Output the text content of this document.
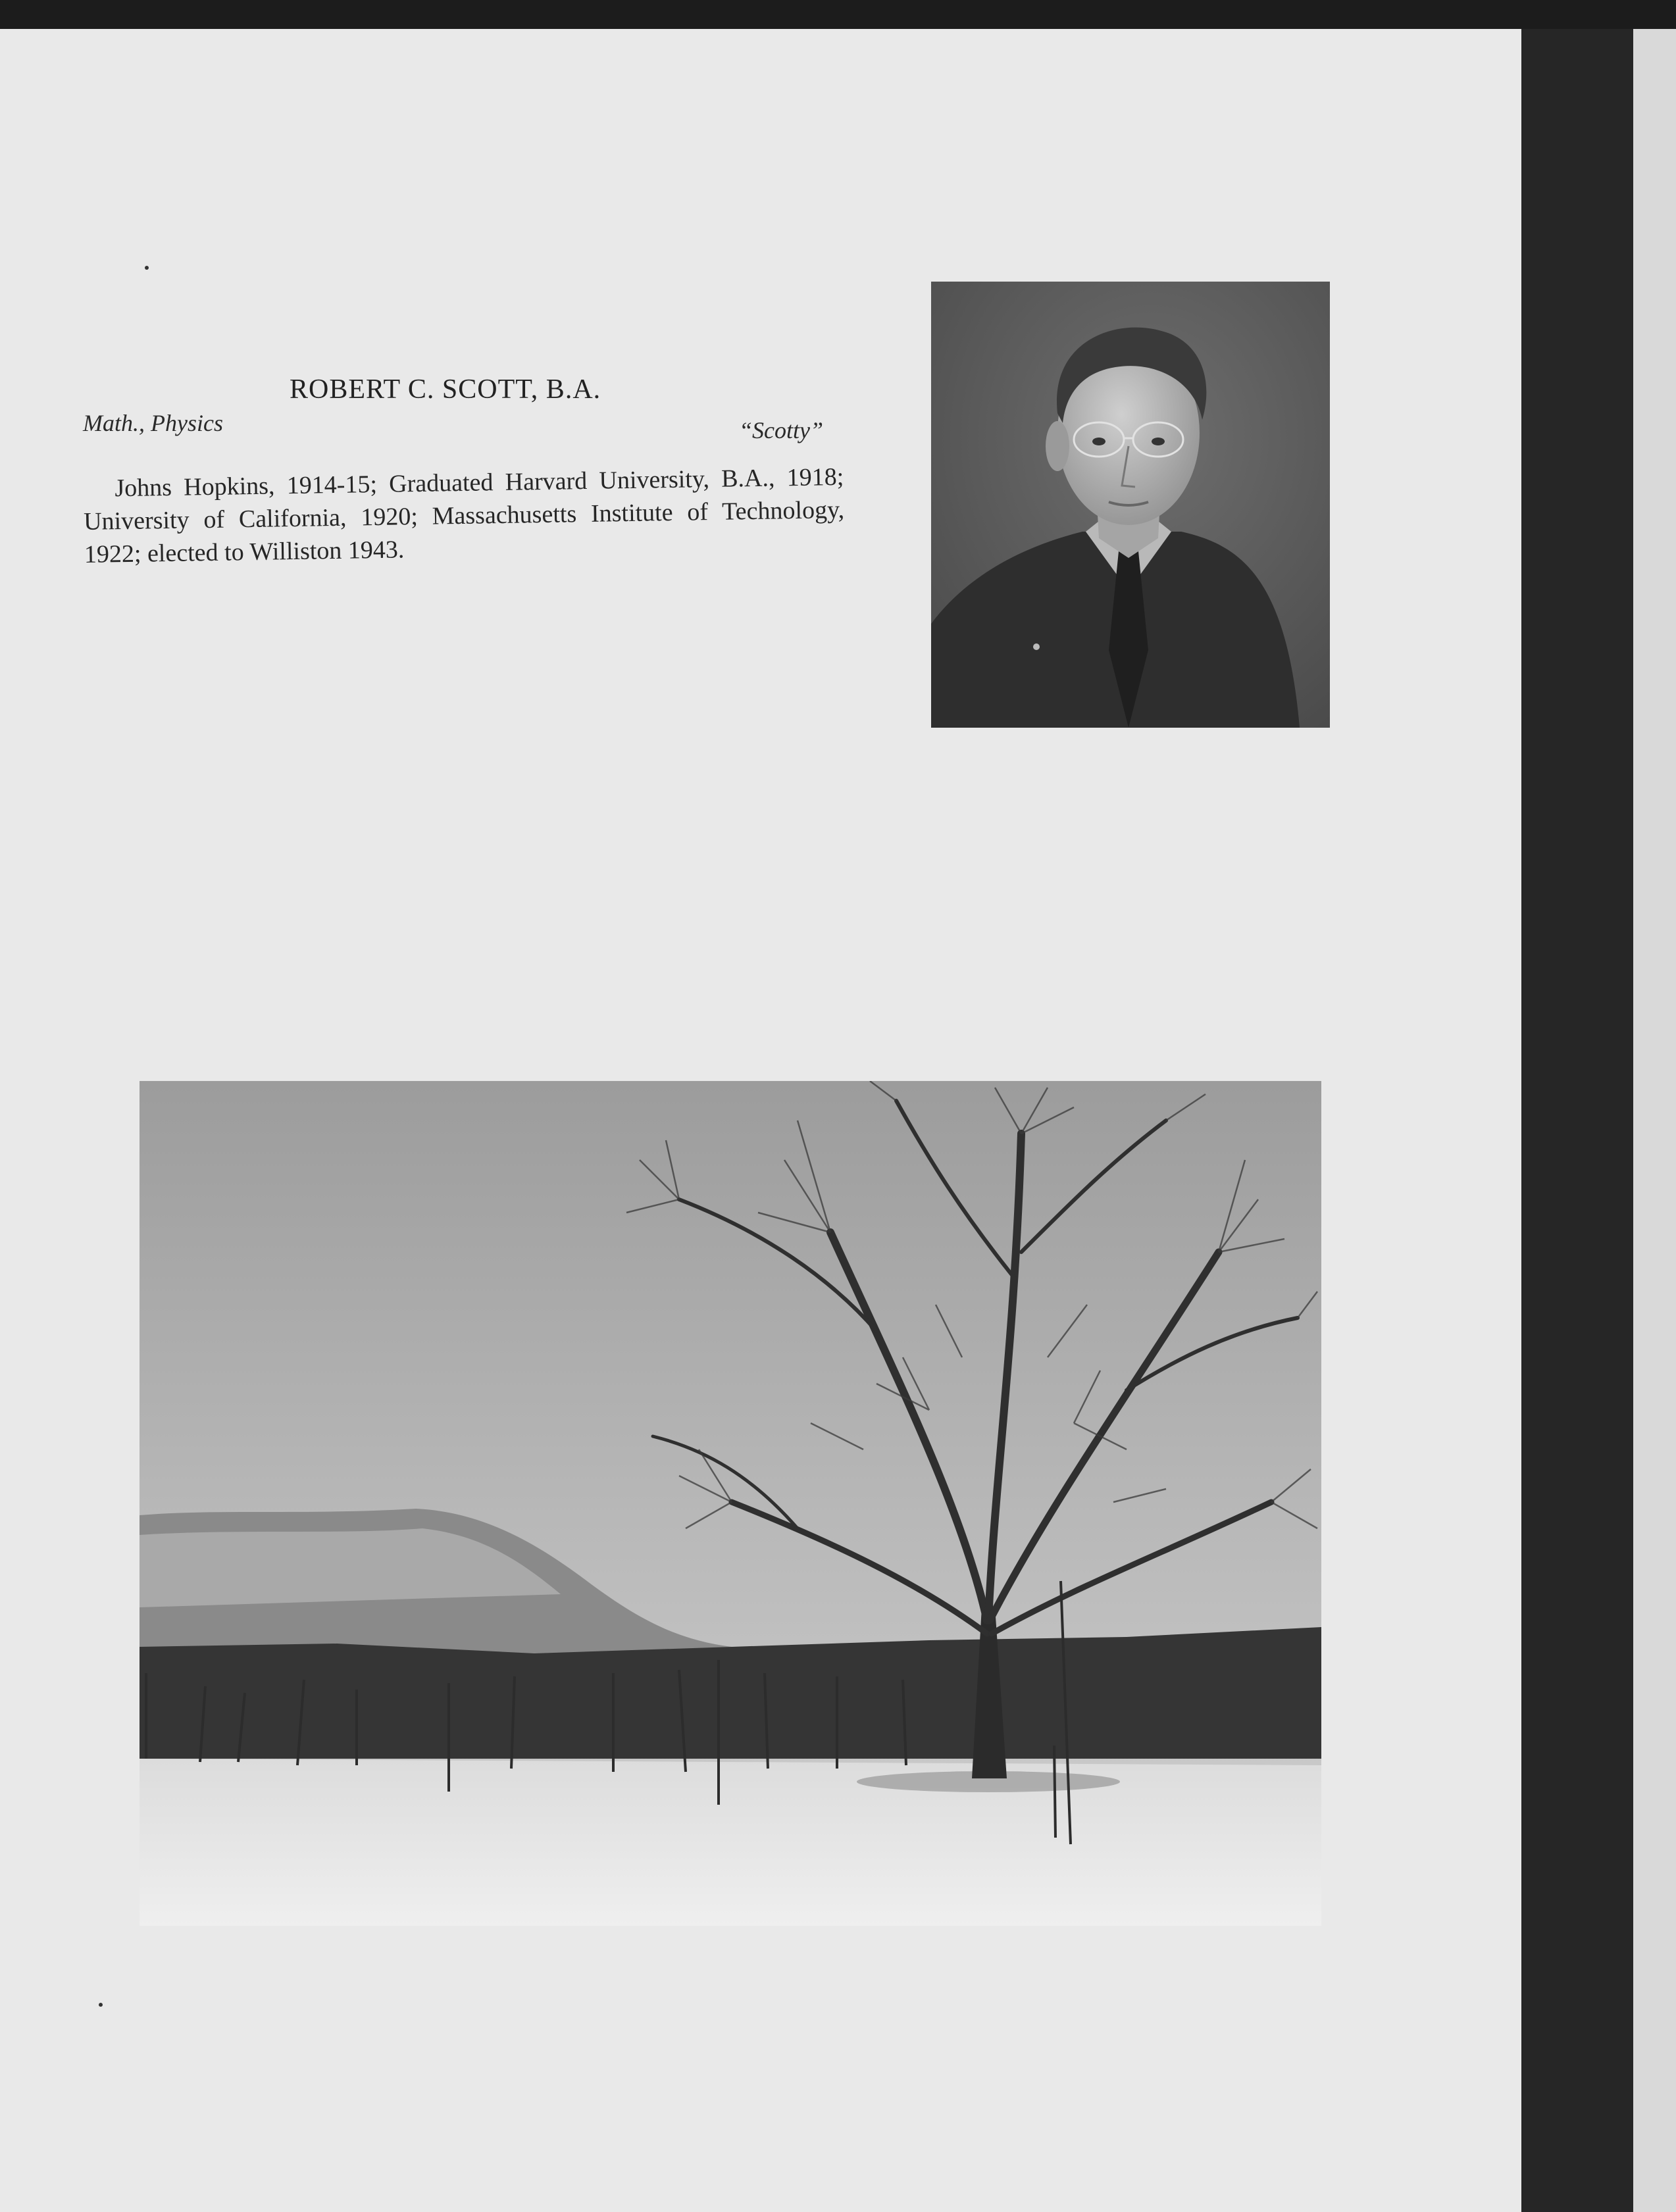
ROBERT C. SCOTT, B.A.
Math., Physics	“Scotty”
Johns Hopkins, 1914-15; Graduated Harvard University, B.A., 1918; University of California, 1920; Massachusetts Institute of Technology, 1922; elected to Williston 1943.
